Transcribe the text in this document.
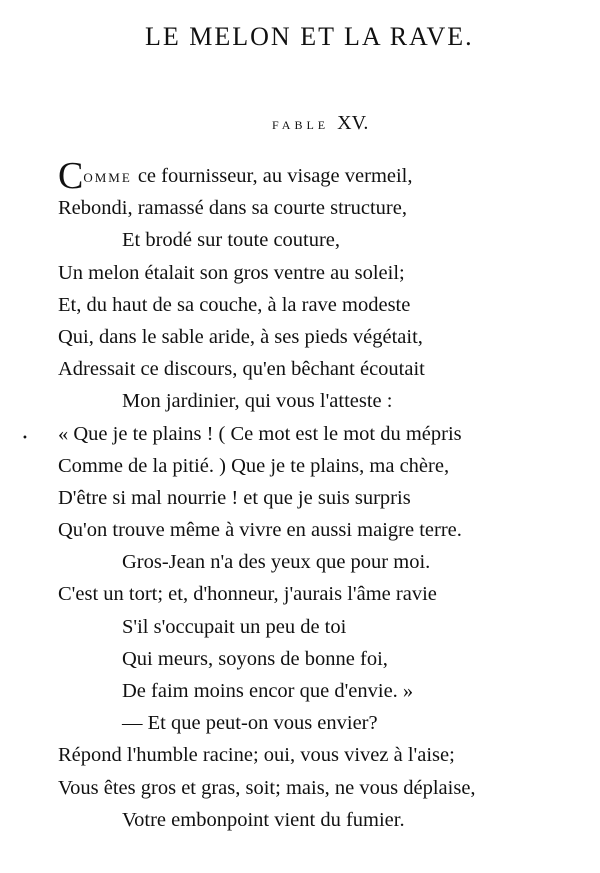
LE MELON ET LA RAVE.
FABLE XV.
•
COMME ce fournisseur, au visage vermeil,
Rebondi, ramassé dans sa courte structure,
Et brodé sur toute couture,
Un melon étalait son gros ventre au soleil;
Et, du haut de sa couche, à la rave modeste
Qui, dans le sable aride, à ses pieds végétait,
Adressait ce discours, qu'en bêchant écoutait
Mon jardinier, qui vous l'atteste :
« Que je te plains ! ( Ce mot est le mot du mépris
Comme de la pitié. ) Que je te plains, ma chère,
D'être si mal nourrie ! et que je suis surpris
Qu'on trouve même à vivre en aussi maigre terre.
Gros-Jean n'a des yeux que pour moi.
C'est un tort; et, d'honneur, j'aurais l'âme ravie
S'il s'occupait un peu de toi
Qui meurs, soyons de bonne foi,
De faim moins encor que d'envie. »
— Et que peut-on vous envier?
Répond l'humble racine; oui, vous vivez à l'aise;
Vous êtes gros et gras, soit; mais, ne vous déplaise,
Votre embonpoint vient du fumier.
